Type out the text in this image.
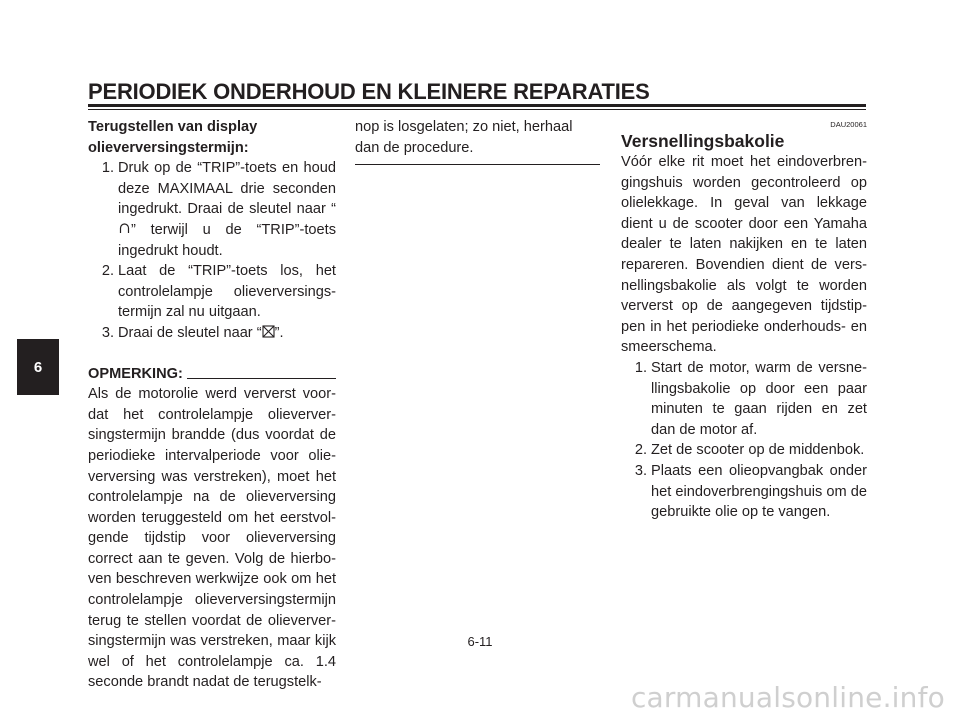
PERIODIEK ONDERHOUD EN KLEINERE REPARATIES
6

Terugstellen van display

olieverversingstermijn:

1. Druk op de “TRIP”-toets en houd deze MAXIMAAL drie seconden ingedrukt. Draai de sleutel naar “” terwijl u de “TRIP”-toets ingedrukt houdt.
2. Laat de “TRIP”-toets los, het controlelampje olieverversings- termijn zal nu uitgaan.
3. Draai de sleutel naar “ ”.
OPMERKING:

Als de motorolie werd ververst voor- dat het controlelampje olieverver- singstermijn brandde (dus voordat de periodieke intervalperiode voor olie- verversing was verstreken), moet het controlelampje na de olieverversing worden teruggesteld om het eerstvol- gende tijdstip voor olieverversing correct aan te geven. Volg de hierbo- ven beschreven werkwijze ook om het controlelampje olieverversingstermijn terug te stellen voordat de olieverver- singstermijn was verstreken, maar kijk wel of het controlelampje ca. 1.4 seconde brandt nadat de terugstelk-

nop is losgelaten; zo niet, herhaal dan de procedure.

DAU20061

Versnellingsbakolie

Vóór elke rit moet het eindoverbren- gingshuis worden gecontroleerd op olielekkage. In geval van lekkage dient u de scooter door een Yamaha dealer te laten nakijken en te laten repareren. Bovendien dient de vers- nellingsbakolie als volgt te worden ververst op de aangegeven tijdstip- pen in het periodieke onderhouds- en smeerschema.

1. Start de motor, warm de versne- llingsbakolie op door een paar minuten te gaan rijden en zet dan de motor af.
2. Zet de scooter op de middenbok.
3. Plaats een olieopvangbak onder het eindoverbrengingshuis om de gebruikte olie op te vangen.
6-11
carmanualsonline.info
